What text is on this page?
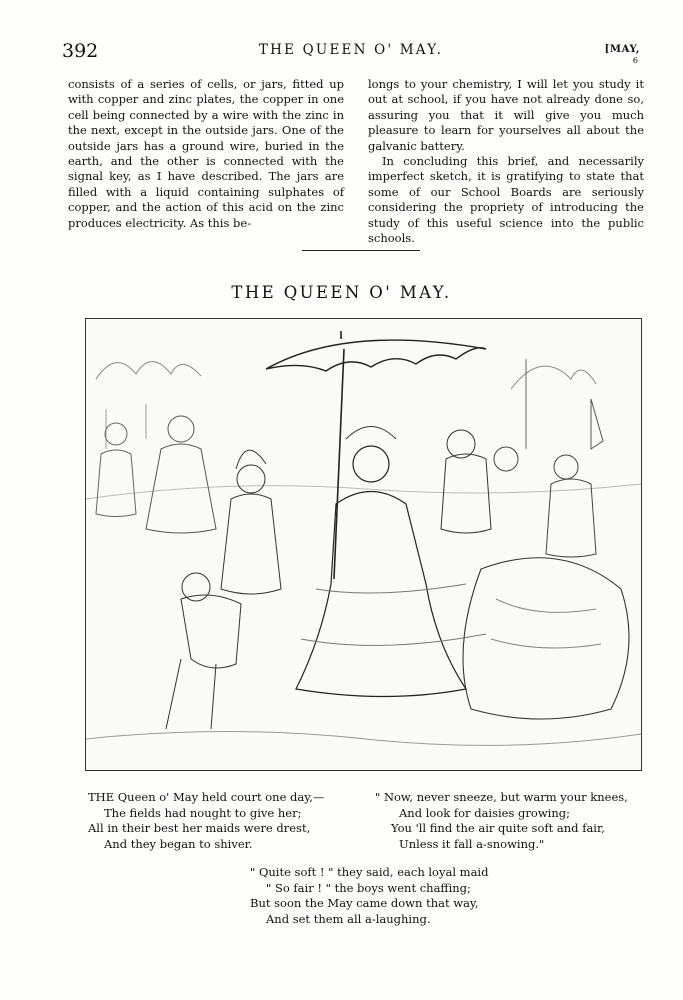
392	THE QUEEN O' MAY.	[MAY,
6

consists of a series of cells, or jars, fitted up with copper and zinc plates, the copper in one cell being connected by a wire with the zinc in the next, except in the outside jars. One of the outside jars has a ground wire, buried in the earth, and the other is connected with the signal key, as I have described. The jars are filled with a liquid containing sulphates of copper, and the action of this acid on the zinc produces electricity. As this be-

longs to your chemistry, I will let you study it out at school, if you have not already done so, assuring you that it will give you much pleasure to learn for yourselves all about the galvanic battery.

In concluding this brief, and necessarily imperfect sketch, it is gratifying to state that some of our School Boards are seriously considering the propriety of introducing the study of this useful science into the public schools.

THE QUEEN O' MAY.
THE Queen o' May held court one day,—
The fields had nought to give her;
All in their best her maids were drest,
And they began to shiver.
" Now, never sneeze, but warm your knees,
And look for daisies growing;
You 'll find the air quite soft and fair,
Unless it fall a-snowing."
" Quite soft ! " they said, each loyal maid
" So fair ! " the boys went chaffing;
But soon the May came down that way,
And set them all a-laughing.
